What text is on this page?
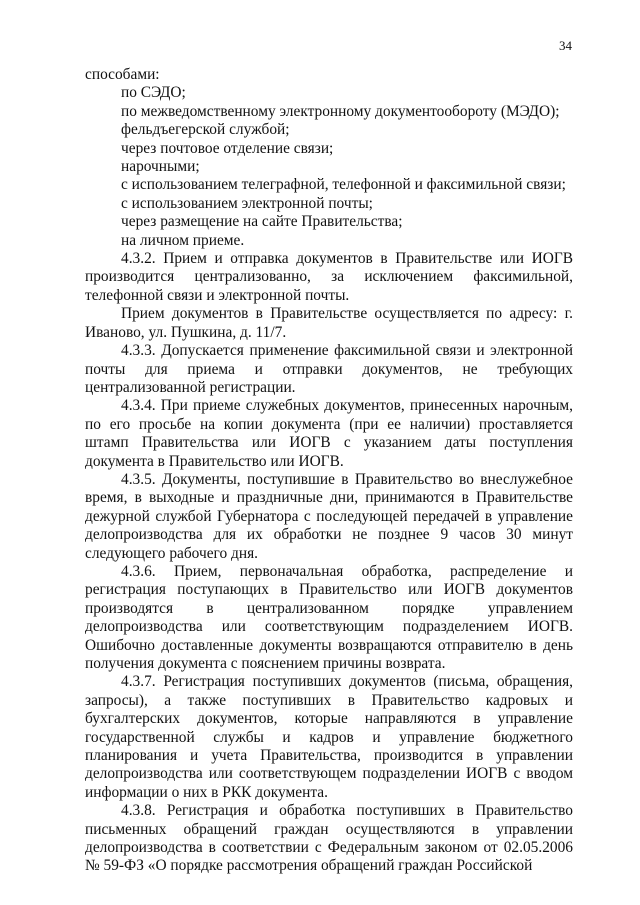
34

способами:

по СЭДО;
по межведомственному электронному документообороту (МЭДО);
фельдъегерской службой;
через почтовое отделение связи;
нарочными;
с использованием телеграфной, телефонной и факсимильной связи;
с использованием электронной почты;
через размещение на сайте Правительства;
на личном приеме.

4.3.2. Прием и отправка документов в Правительстве или ИОГВ производится централизованно, за исключением факсимильной, телефонной связи и электронной почты.

Прием документов в Правительстве осуществляется по адресу: г. Иваново, ул. Пушкина, д. 11/7.

4.3.3. Допускается применение факсимильной связи и электронной почты для приема и отправки документов, не требующих централизованной регистрации.

4.3.4. При приеме служебных документов, принесенных нарочным, по его просьбе на копии документа (при ее наличии) проставляется штамп Правительства или ИОГВ с указанием даты поступления документа в Правительство или ИОГВ.

4.3.5. Документы, поступившие в Правительство во внеслужебное время, в выходные и праздничные дни, принимаются в Правительстве дежурной службой Губернатора с последующей передачей в управление делопроизводства для их обработки не позднее 9 часов 30 минут следующего рабочего дня.

4.3.6. Прием, первоначальная обработка, распределение и регистрация поступающих в Правительство или ИОГВ документов производятся в централизованном порядке управлением делопроизводства или соответствующим подразделением ИОГВ. Ошибочно доставленные документы возвращаются отправителю в день получения документа с пояснением причины возврата.

4.3.7. Регистрация поступивших документов (письма, обращения, запросы), а также поступивших в Правительство кадровых и бухгалтерских документов, которые направляются в управление государственной службы и кадров и управление бюджетного планирования и учета Правительства, производится в управлении делопроизводства или соответствующем подразделении ИОГВ с вводом информации о них в РКК документа.

4.3.8. Регистрация и обработка поступивших в Правительство письменных обращений граждан осуществляются в управлении делопроизводства в соответствии с Федеральным законом от 02.05.2006 № 59-ФЗ «О порядке рассмотрения обращений граждан Российской
